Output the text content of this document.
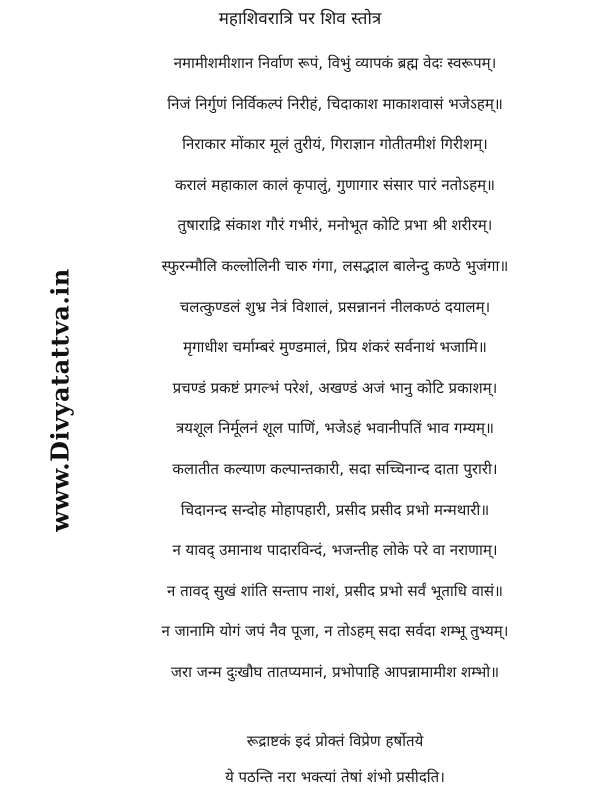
www.Divyatattva.in
महाशिवरात्रि पर शिव स्तोत्र
नमामीशमीशान निर्वाण रूपं, विभुं व्यापकं ब्रह्म वेदः स्वरूपम्।
निजं निर्गुणं निर्विकल्पं निरीहं, चिदाकाश माकाशवासं भजेऽहम्॥
निराकार मोंकार मूलं तुरीयं, गिराज्ञान गोतीतमीशं गिरीशम्।
करालं महाकाल कालं कृपालुं, गुणागार संसार पारं नतोऽहम्॥
तुषाराद्रि संकाश गौरं गभीरं, मनोभूत कोटि प्रभा श्री शरीरम्।
स्फुरन्मौलि कल्लोलिनी चारु गंगा, लसद्भाल बालेन्दु कण्ठे भुजंगा॥
चलत्कुण्डलं शुभ्र नेत्रं विशालं, प्रसन्नाननं नीलकण्ठं दयालम्।
मृगाधीश चर्माम्बरं मुण्डमालं, प्रिय शंकरं सर्वनाथं भजामि॥
प्रचण्डं प्रकष्टं प्रगल्भं परेशं, अखण्डं अजं भानु कोटि प्रकाशम्।
त्रयशूल निर्मूलनं शूल पाणिं, भजेऽहं भवानीपतिं भाव गम्यम्॥
कलातीत कल्याण कल्पान्तकारी, सदा सच्चिनान्द दाता पुरारी।
चिदानन्द सन्दोह मोहापहारी, प्रसीद प्रसीद प्रभो मन्मथारी॥
न यावद् उमानाथ पादारविन्दं, भजन्तीह लोके परे वा नराणाम्।
न तावद् सुखं शांति सन्ताप नाशं, प्रसीद प्रभो सर्वं भूताधि वासं॥
न जानामि योगं जपं नैव पूजा, न तोऽहम् सदा सर्वदा शम्भू तुभ्यम्।
जरा जन्म दुःखौघ तातप्यमानं, प्रभोपाहि आपन्नामामीश शम्भो॥
रूद्राष्टकं इदं प्रोक्तं विप्रेण हर्षोतये
ये पठन्ति नरा भक्त्यां तेषां शंभो प्रसीदति।
